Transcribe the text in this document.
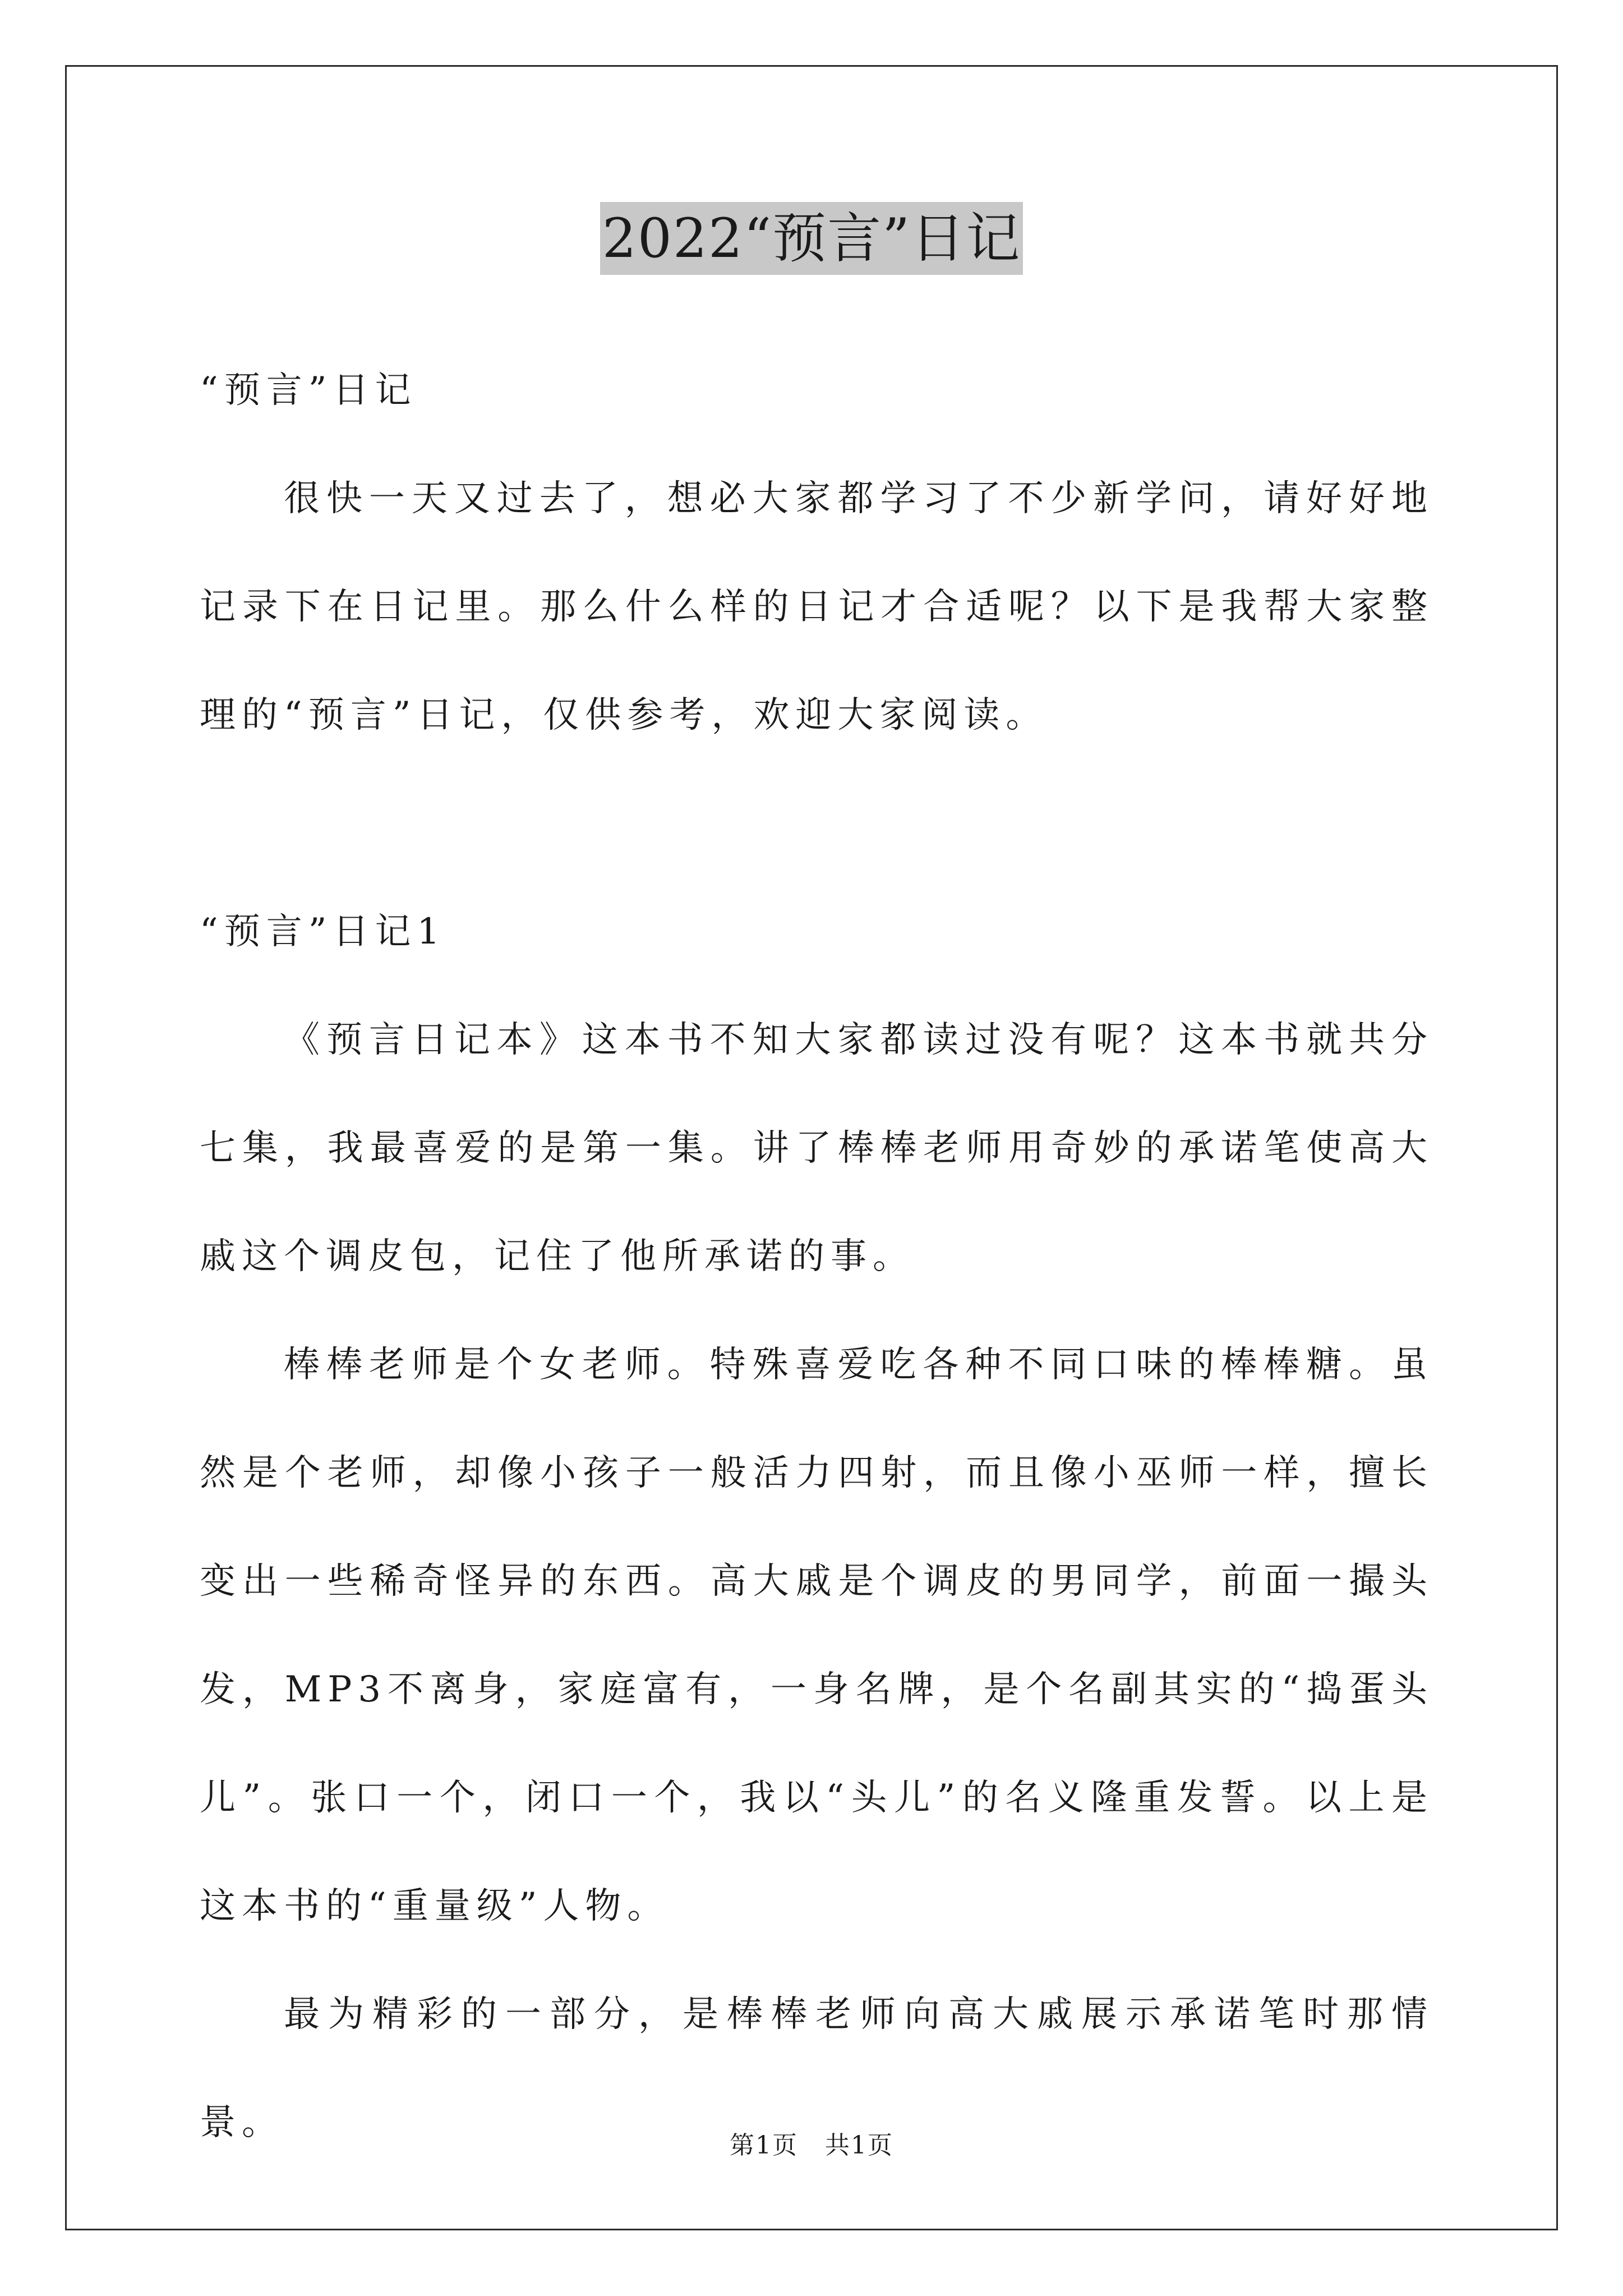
2022“预言”日记

“预言”日记

很快一天又过去了，想必大家都学习了不少新学问，请好好地记录下在日记里。那么什么样的日记才合适呢？以下是我帮大家整理的“预言”日记，仅供参考，欢迎大家阅读。

“预言”日记1

《预言日记本》这本书不知大家都读过没有呢？这本书就共分七集，我最喜爱的是第一集。讲了棒棒老师用奇妙的承诺笔使高大戚这个调皮包，记住了他所承诺的事。

棒棒老师是个女老师。特殊喜爱吃各种不同口味的棒棒糖。虽然是个老师，却像小孩子一般活力四射，而且像小巫师一样，擅长变出一些稀奇怪异的东西。高大戚是个调皮的男同学，前面一撮头发，MP3不离身，家庭富有，一身名牌，是个名副其实的“捣蛋头儿”。张口一个，闭口一个，我以“头儿”的名义隆重发誓。以上是这本书的“重量级”人物。

最为精彩的一部分，是棒棒老师向高大戚展示承诺笔时那情景。

第1页 共1页
